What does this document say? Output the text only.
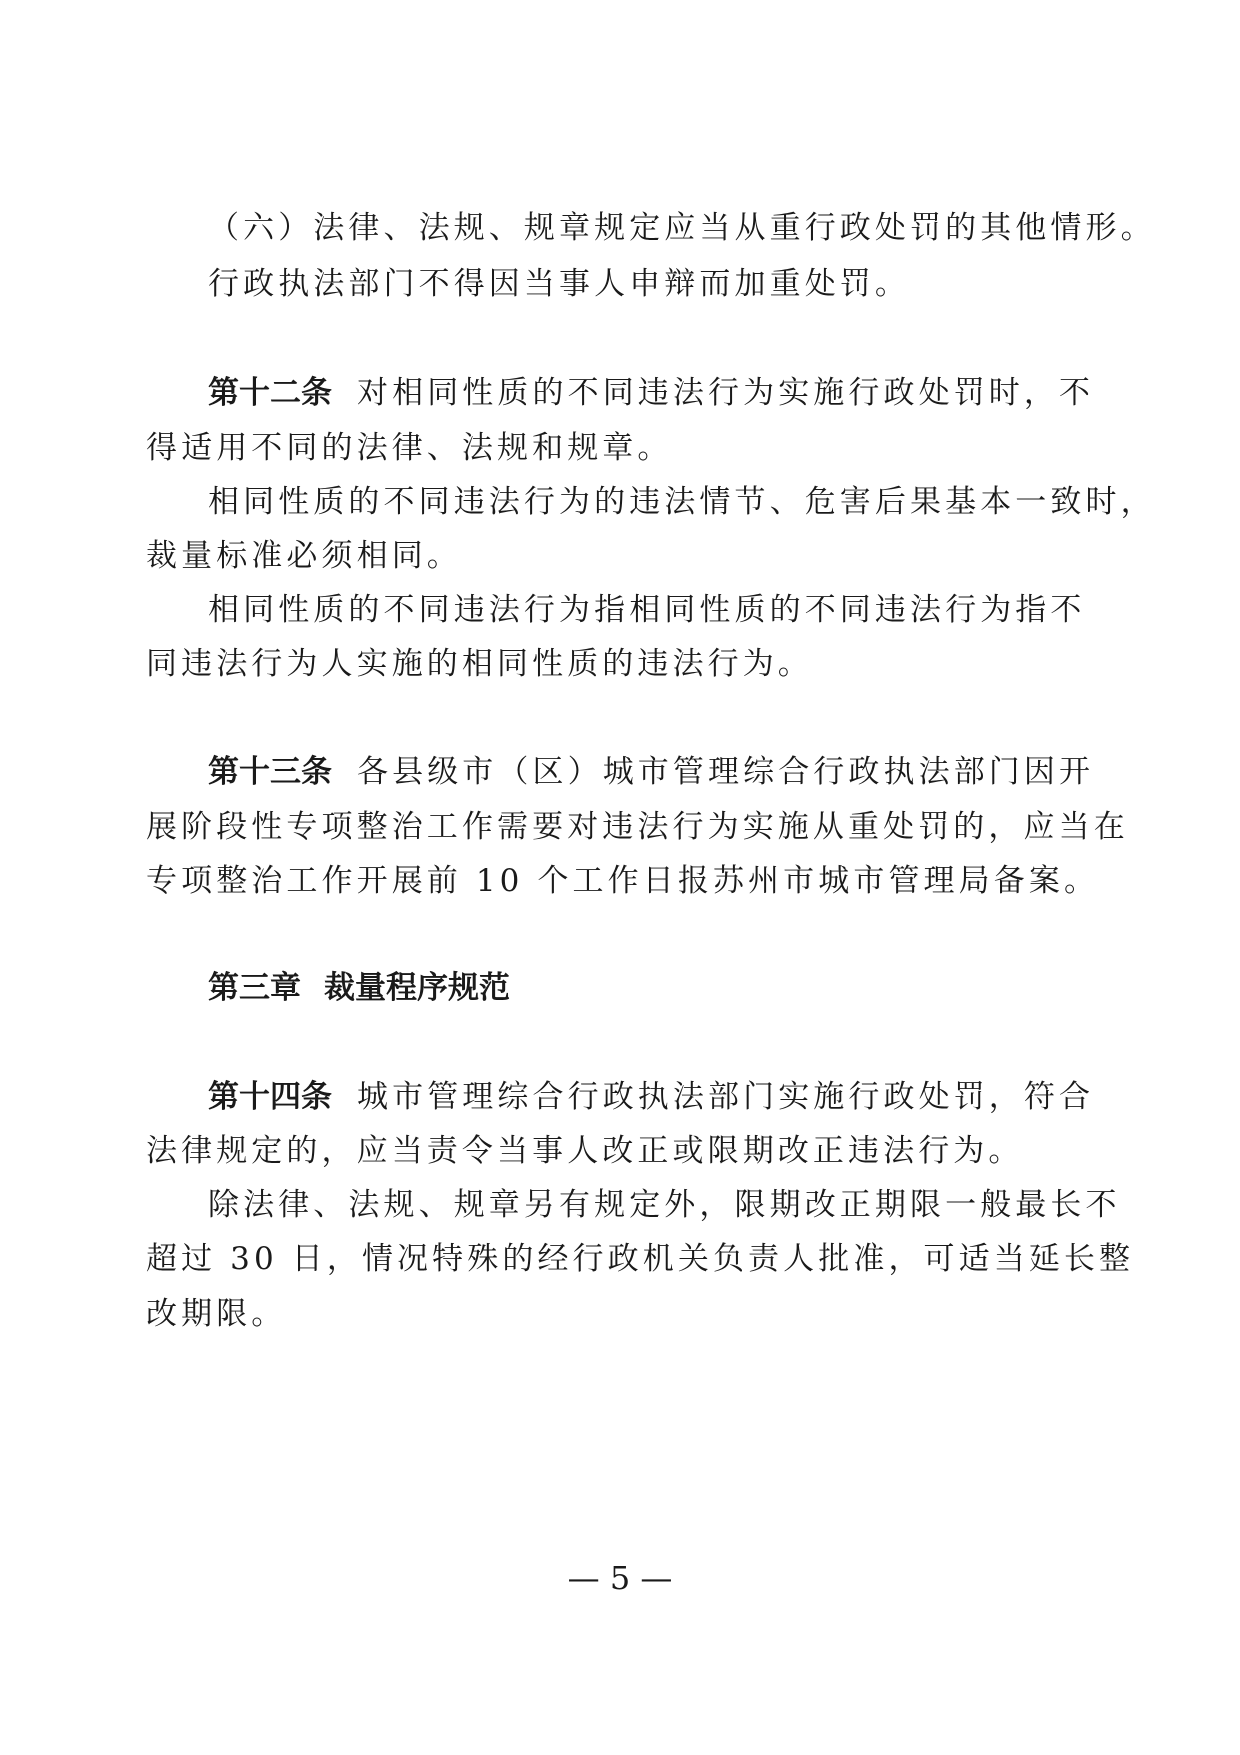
（六）法律、法规、规章规定应当从重行政处罚的其他情形。
行政执法部门不得因当事人申辩而加重处罚。
第十二条 对相同性质的不同违法行为实施行政处罚时，不
得适用不同的法律、法规和规章。
相同性质的不同违法行为的违法情节、危害后果基本一致时，
裁量标准必须相同。
相同性质的不同违法行为指相同性质的不同违法行为指不
同违法行为人实施的相同性质的违法行为。
第十三条 各县级市（区）城市管理综合行政执法部门因开
展阶段性专项整治工作需要对违法行为实施从重处罚的，应当在
专项整治工作开展前 10 个工作日报苏州市城市管理局备案。
第三章 裁量程序规范
第十四条 城市管理综合行政执法部门实施行政处罚，符合
法律规定的，应当责令当事人改正或限期改正违法行为。
除法律、法规、规章另有规定外，限期改正期限一般最长不
超过 30 日，情况特殊的经行政机关负责人批准，可适当延长整
改期限。
— 5 —
